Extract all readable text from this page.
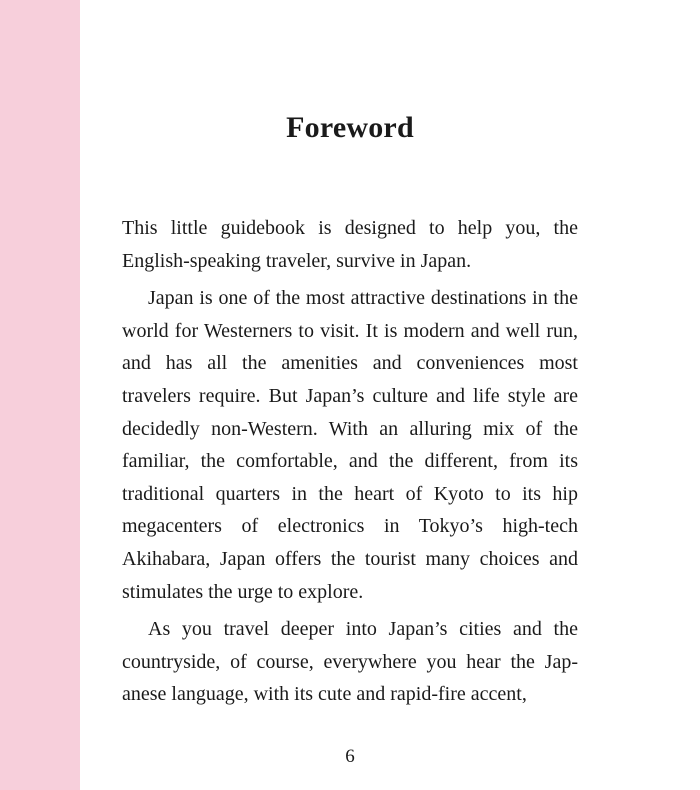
Foreword

This little guidebook is designed to help you, the English-speaking traveler, survive in Japan.

Japan is one of the most attractive destinations in the world for Westerners to visit. It is modern and well run, and has all the amenities and conveniences most travelers require. But Japan’s culture and life style are decidedly non-Western. With an alluring mix of the familiar, the comfortable, and the different, from its traditional quarters in the heart of Kyoto to its hip megacenters of electronics in Tokyo’s high-tech Akihabara, Japan offers the tourist many choices and stimulates the urge to explore.

As you travel deeper into Japan’s cities and the countryside, of course, everywhere you hear the Japanese language, with its cute and rapid-fire accent,

6
